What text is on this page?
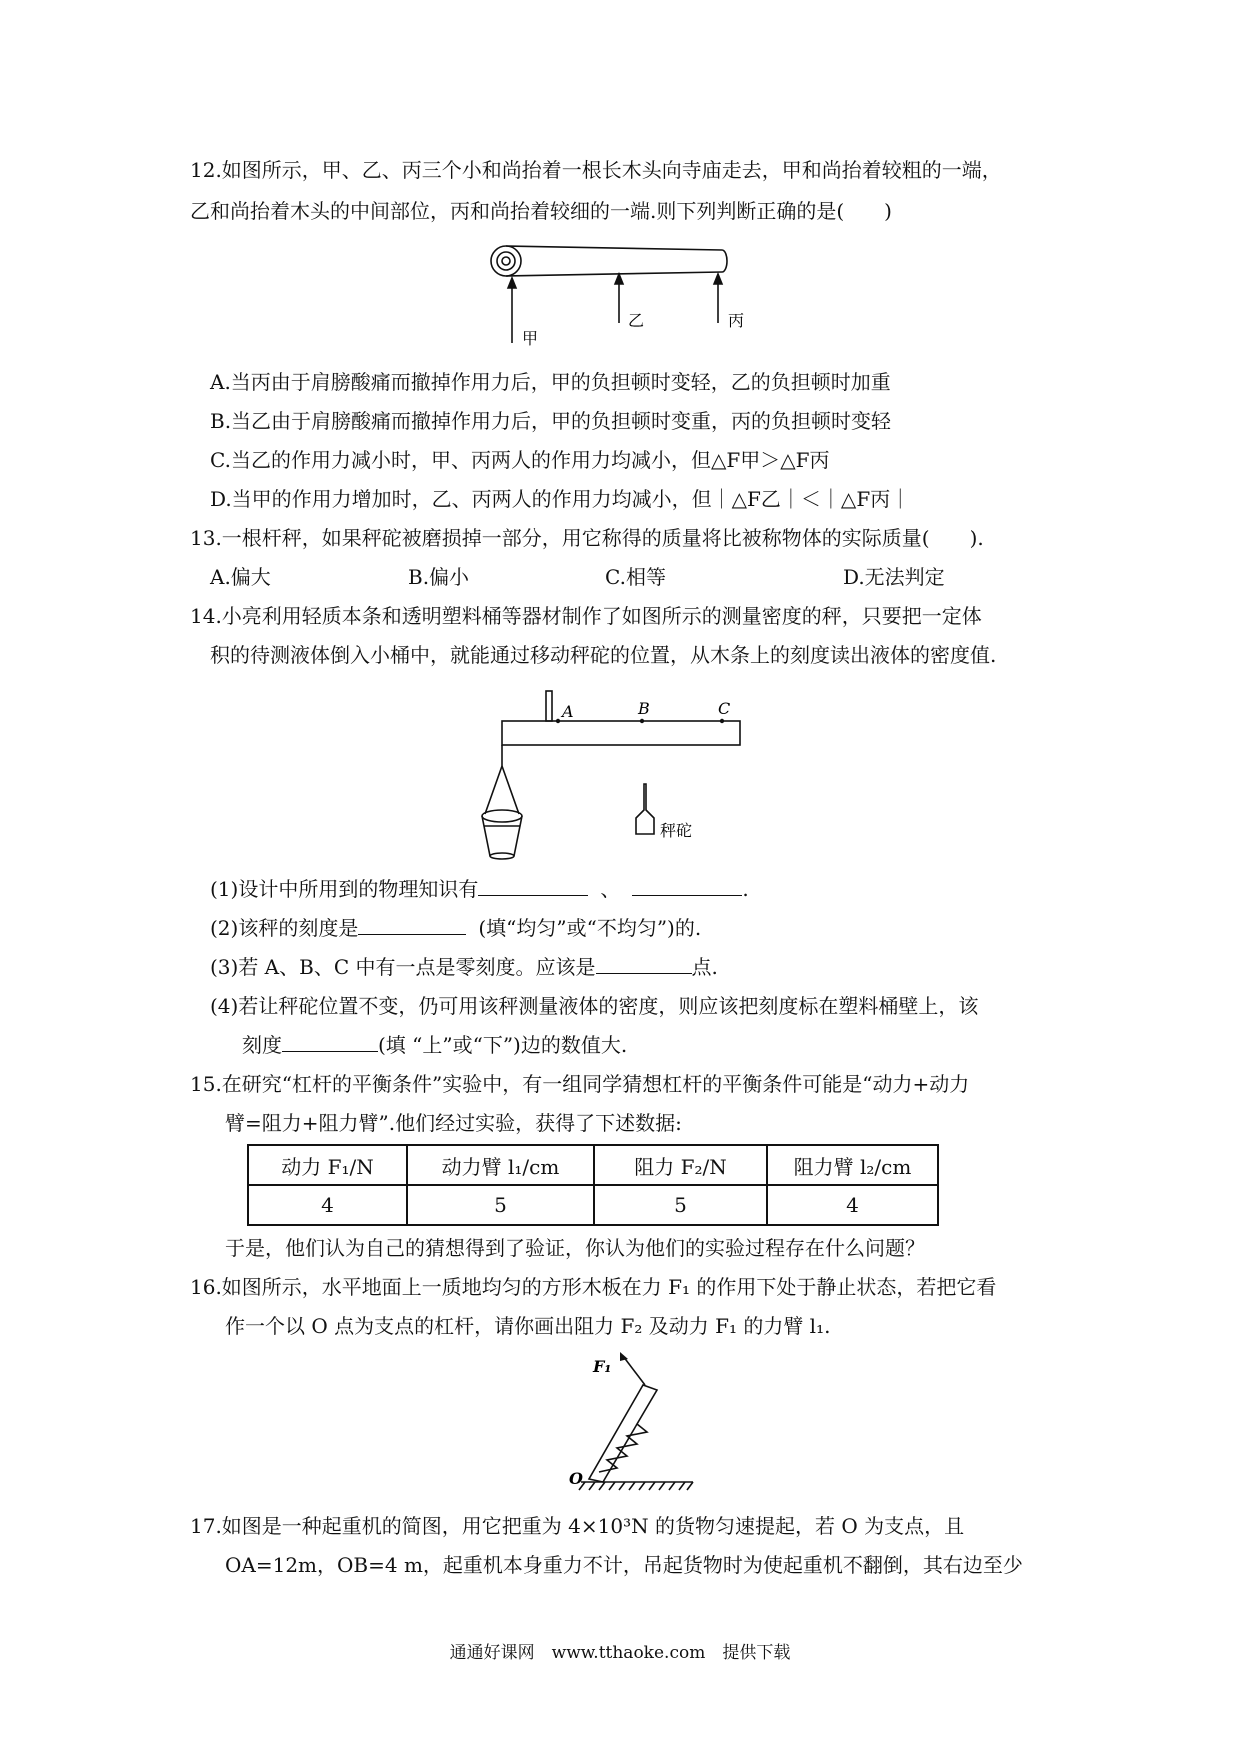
12.如图所示，甲、乙、丙三个小和尚抬着一根长木头向寺庙走去，甲和尚抬着较粗的一端，
乙和尚抬着木头的中间部位，丙和尚抬着较细的一端.则下列判断正确的是(　　)
甲
乙	丙
A.当丙由于肩膀酸痛而撤掉作用力后，甲的负担顿时变轻，乙的负担顿时加重
B.当乙由于肩膀酸痛而撤掉作用力后，甲的负担顿时变重，丙的负担顿时变轻
C.当乙的作用力减小时，甲、丙两人的作用力均减小，但△F甲＞△F丙
D.当甲的作用力增加时，乙、丙两人的作用力均减小，但｜△F乙｜＜｜△F丙｜
13.一根杆秤，如果秤砣被磨损掉一部分，用它称得的质量将比被称物体的实际质量(　　).
A.偏大	B.偏小	C.相等	D.无法判定
14.小亮利用轻质本条和透明塑料桶等器材制作了如图所示的测量密度的秤，只要把一定体
积的待测液体倒入小桶中，就能通过移动秤砣的位置，从木条上的刻度读出液体的密度值.
A	B	C
秤砣
(1)设计中所用到的物理知识有	、	.
(2)该秤的刻度是	(填“均匀”或“不均匀”)的.
(3)若 A、B、C 中有一点是零刻度。应该是	点.
(4)若让秤砣位置不变，仍可用该秤测量液体的密度，则应该把刻度标在塑料桶壁上，该
刻度	(填 “上”或“下”)边的数值大.
15.在研究“杠杆的平衡条件”实验中，有一组同学猜想杠杆的平衡条件可能是“动力+动力
臂=阻力+阻力臂”.他们经过实验，获得了下述数据:
动力 F₁/N	动力臂 l₁/cm	阻力 F₂/N	阻力臂 l₂/cm
4	5	5	4
于是，他们认为自己的猜想得到了验证，你认为他们的实验过程存在什么问题？
16.如图所示，水平地面上一质地均匀的方形木板在力 F₁ 的作用下处于静止状态，若把它看
作一个以 O 点为支点的杠杆，请你画出阻力 F₂ 及动力 F₁ 的力臂 l₁.
F₁
O
17.如图是一种起重机的简图，用它把重为 4×10³N 的货物匀速提起，若 O 为支点，且
OA=12m，OB=4 m，起重机本身重力不计，吊起货物时为使起重机不翻倒，其右边至少
通通好课网　www.tthaoke.com　提供下载
